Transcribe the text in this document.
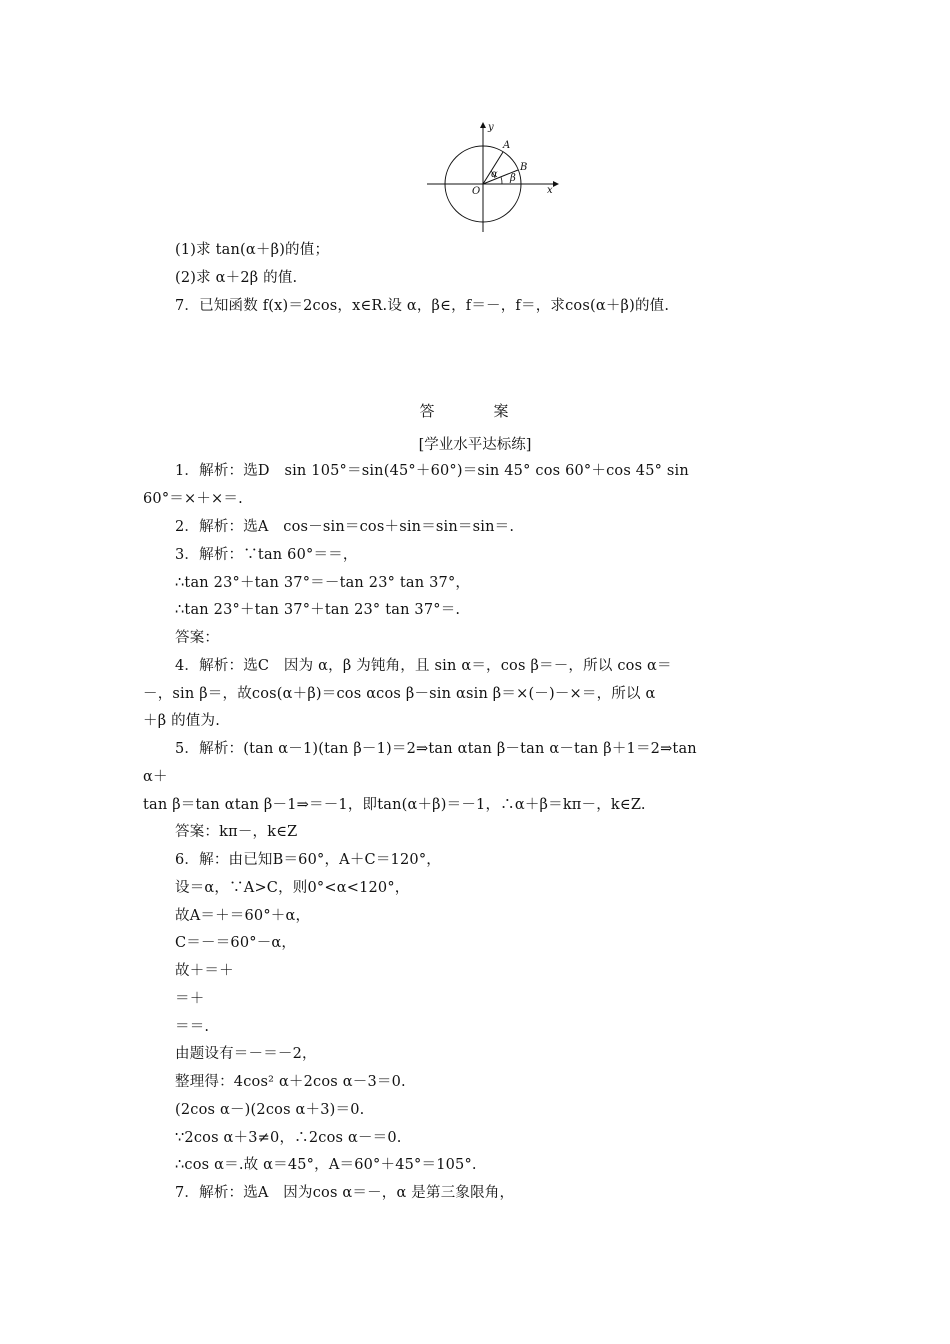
y
x
A
B
O
α β
(1)求 tan(α＋β)的值；
(2)求 α＋2β 的值.
7．已知函数 f(x)＝2cos，x∈R.设 α，β∈，f＝－，f＝，求cos(α＋β)的值.
答　案
[学业水平达标练]
1．解析：选D　sin 105°＝sin(45°＋60°)＝sin 45° cos 60°＋cos 45° sin
60°＝×＋×＝.
2．解析：选A　cos－sin＝cos＋sin＝sin＝sin＝.
3．解析：∵tan 60°＝＝，
∴tan 23°＋tan 37°＝－tan 23° tan 37°，
∴tan 23°＋tan 37°＋tan 23° tan 37°＝.
答案：
4．解析：选C　因为 α，β 为钝角，且 sin α＝，cos β＝－，所以 cos α＝
－，sin β＝，故cos(α＋β)＝cos αcos β－sin αsin β＝×(－)－×＝，所以 α
＋β 的值为.
5．解析：(tan α－1)(tan β－1)＝2⇒tan αtan β－tan α－tan β＋1＝2⇒tan
α＋
tan β＝tan αtan β－1⇒＝－1，即tan(α＋β)＝－1，∴α＋β＝kπ－，k∈Z.
答案：kπ－，k∈Z
6．解：由已知B＝60°，A＋C＝120°，
设＝α，∵A>C，则0°<α<120°，
故A＝＋＝60°＋α，
C＝－＝60°－α，
故＋＝＋
＝＋
＝＝.
由题设有＝－＝－2，
整理得：4cos² α＋2cos α－3＝0.
(2cos α－)(2cos α＋3)＝0.
∵2cos α＋3≠0，∴2cos α－＝0.
∴cos α＝.故 α＝45°，A＝60°＋45°＝105°.
7．解析：选A　因为cos α＝－，α 是第三象限角，
